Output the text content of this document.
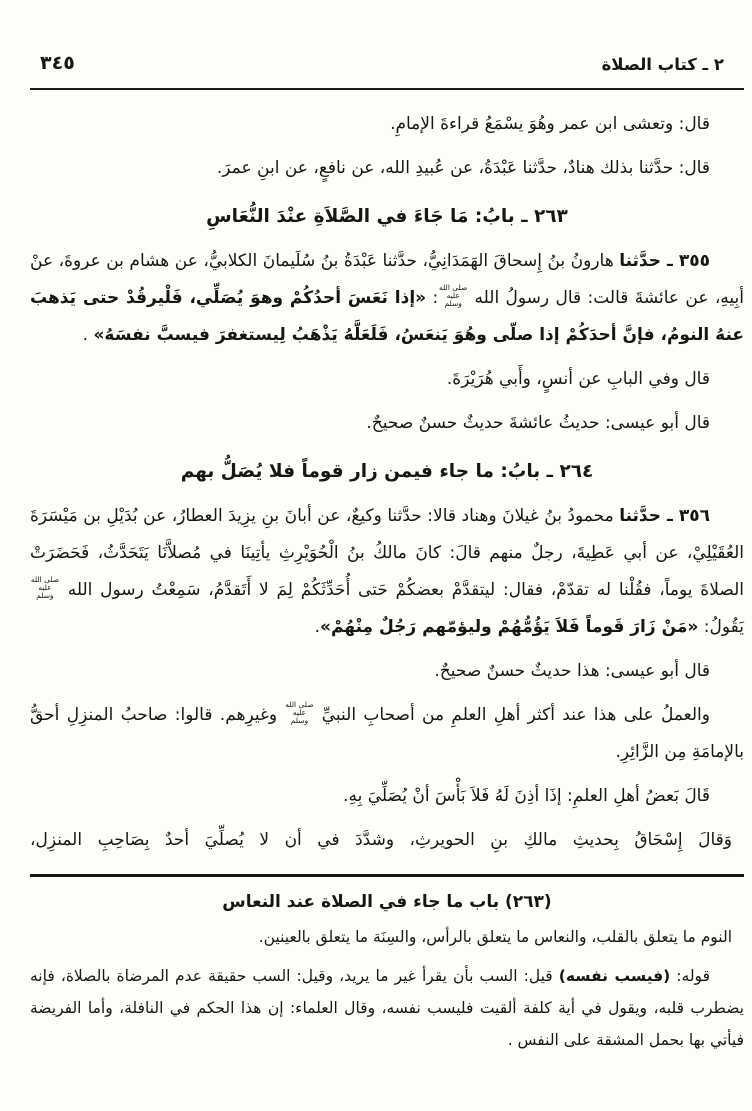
٢ ـ كتاب الصلاة
٣٤٥

قال: وتعشى ابن عمر وهُوَ يسْمَعُ قراءةَ الإمامِ.

قال: حدَّثنا بذلك هنادٌ، حدَّثنا عَبْدَةُ، عن عُبيدِ الله، عن نافعٍ، عن ابنِ عمرَ.

٢٦٣ ـ بابُ: مَا جَاءَ في الصَّلاَةِ عنْدَ النُّعَاسِ

٣٥٥ ـ حدَّثنا هارونُ بنُ إِسحاقَ الهَمَدَانِيُّ، حدَّثنا عَبْدَةُ بنُ سُلَيمانَ الكلابيُّ، عن هشام بن عروةَ، عنْ أبِيهِ، عن عائشةَ قالت: قال رسولُ الله صلى الله عليه وسلم: «إذا نَعَسَ أحدُكُمْ وهوَ يُصَلِّي، فَلْيرقُدْ حتى يَذهبَ عنهُ النومُ، فإنَّ أحدَكُمْ إذا صلّى وهُوَ يَنعَسُ، فَلَعَلَّهُ يَذْهَبُ لِيستغفرَ فيسبَّ نفسَهُ» .

قال وفي البابِ عن أنسٍ، وأَبي هُرَيْرَةَ.

قال أبو عيسى: حديثُ عائشةَ حديثٌ حسنٌ صحيحٌ.

٢٦٤ ـ بابُ: ما جاء فيمن زار قوماً فلا يُصَلُّ بهم

٣٥٦ ـ حدَّثنا محمودُ بنُ غيلانَ وهناد قالا: حدَّثنا وكيعٌ، عن أبانَ بنِ يزِيدَ العطارُ، عن بُدَيْلِ بن مَيْسَرَةَ العُقَيْلِيْ، عن أبي عَطِيةَ، رجلٌ منهم قالَ: كانَ مالكُ بنُ الْحُوَيْرِثِ يأتِينَا في مُصلاَّنَا يَتَحَدَّثُ، فَحَضَرَتْ الصلاةَ يوماً، فقُلْنا له تقدّمْ، فقال: ليتقدَّمْ بعضكُمْ حَتى أُحَدِّثَكُمْ لِمَ لا أَتَقدَّمُ، سَمِعْتُ رسول الله صلى الله عليه وسلم يَقُولُ: «مَنْ زَارَ قَوماً فَلاَ يَؤُمُّهُمْ وليؤمّهم رَجُلٌ مِنْهُمْ».

قال أبو عيسى: هذا حديثٌ حسنٌ صحيحٌ.

والعملُ على هذا عند أكثر أهلِ العلمِ من أصحابِ النبيِّ صلى الله عليه وسلم وغيرِهم. قالوا: صاحبُ المنزِلِ أحقُّ بالإمامَةِ مِن الزَّائِرِ.

قَالَ بَعضُ أهلِ العلمِ: إذَا أذِنَ لَهُ فَلاَ بَأْسَ أنْ يُصَلِّيَ بِهِ.

وَقالَ إِسْحَاقُ بِحديثِ مالكِ بنِ الحويرثِ، وشدَّدَ في أن لا يُصلِّيَ أحدٌ بِصَاحِبِ المنزِل،

(٢٦٣) باب ما جاء في الصلاة عند النعاس

النوم ما يتعلق بالقلب، والنعاس ما يتعلق بالرأس، والسِنَة ما يتعلق بالعينين.

قوله: (فيسب نفسه) قيل: السب بأن يقرأ غير ما يريد، وقيل: السب حقيقة عدم المرضاة بالصلاة، فإنه يضطرب قلبه، ويقول في أية كلفة ألقيت فليسب نفسه، وقال العلماء: إن هذا الحكم في النافلة، وأما الفريضة فيأتي بها بحمل المشقة على النفس .
